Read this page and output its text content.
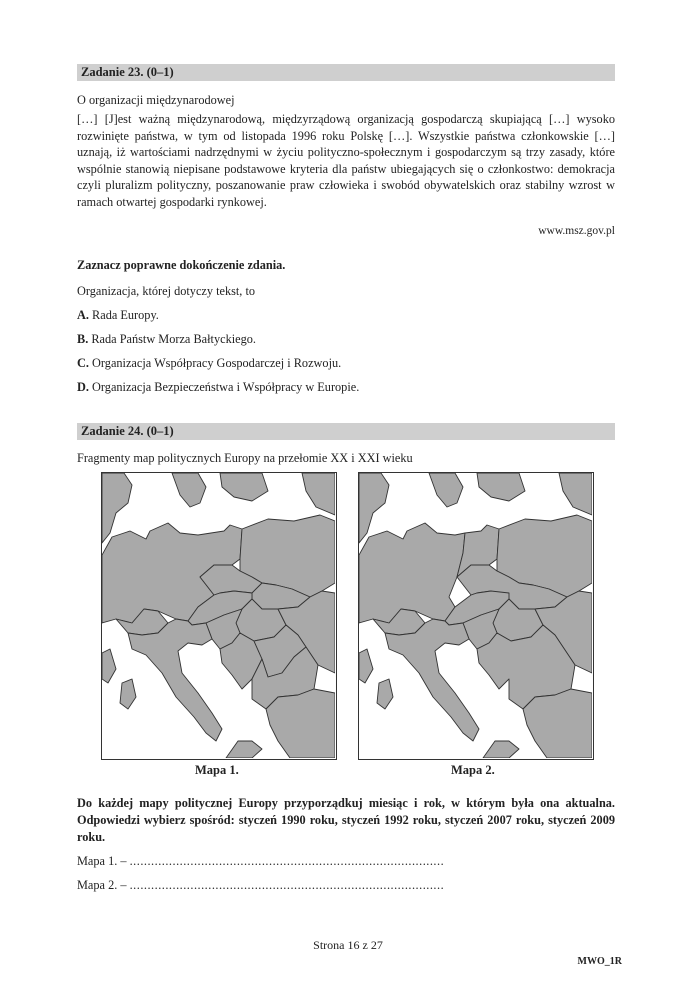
Zadanie 23. (0–1)
O organizacji międzynarodowej
[…] [J]est ważną międzynarodową, międzyrządową organizacją gospodarczą skupiającą […] wysoko rozwinięte państwa, w tym od listopada 1996 roku Polskę […]. Wszystkie państwa członkowskie […] uznają, iż wartościami nadrzędnymi w życiu polityczno-społecznym i gospodarczym są trzy zasady, które wspólnie stanowią niepisane podstawowe kryteria dla państw ubiegających się o członkostwo: demokracja czyli pluralizm polityczny, poszanowanie praw człowieka i swobód obywatelskich oraz stabilny wzrost w ramach otwartej gospodarki rynkowej.
www.msz.gov.pl
Zaznacz poprawne dokończenie zdania.
Organizacja, której dotyczy tekst, to
A. Rada Europy.
B. Rada Państw Morza Bałtyckiego.
C. Organizacja Współpracy Gospodarczej i Rozwoju.
D. Organizacja Bezpieczeństwa i Współpracy w Europie.
Zadanie 24. (0–1)
Fragmenty map politycznych Europy na przełomie XX i XXI wieku
Mapa 1.	Mapa 2.
Do każdej mapy politycznej Europy przyporządkuj miesiąc i rok, w którym była ona aktualna. Odpowiedzi wybierz spośród: styczeń 1990 roku, styczeń 1992 roku, styczeń 2007 roku, styczeń 2009 roku.
Mapa 1. – ........................................................................................
Mapa 2. – ........................................................................................
Strona 16 z 27
MWO_1R
